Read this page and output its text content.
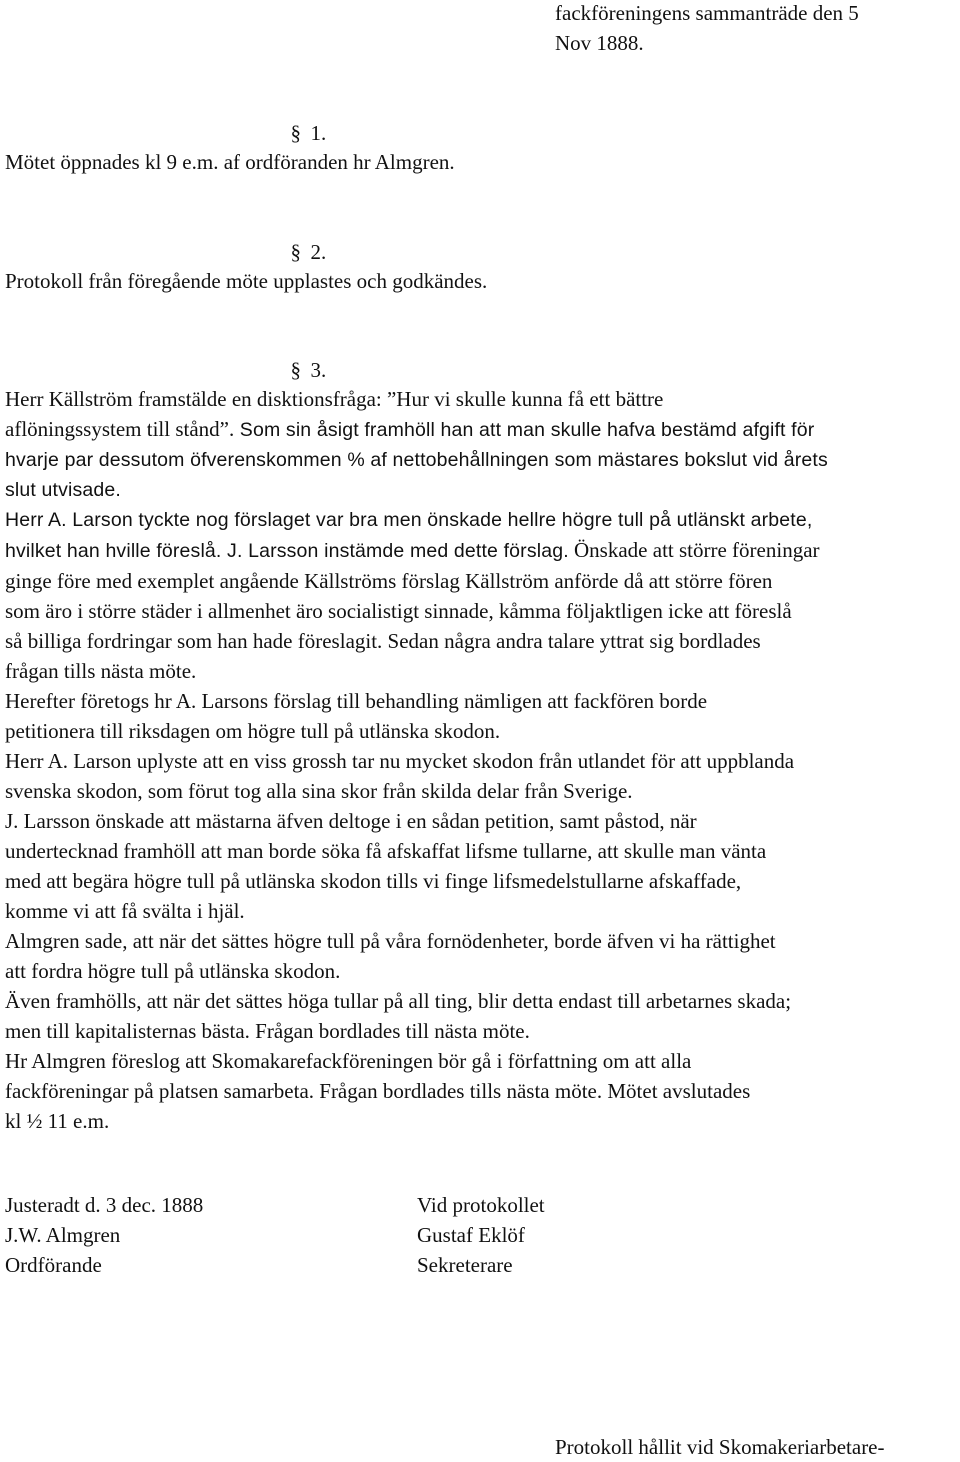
fackföreningens sammanträde den 5
Nov 1888.

§ 1.

Mötet öppnades kl 9 e.m. af ordföranden hr Almgren.

§ 2.

Protokoll från föregående möte upplastes och godkändes.

§ 3.

Herr Källström framstälde en disktionsfråga: ”Hur vi skulle kunna få ett bättre
aflöningssystem till stånd”. Som sin åsigt framhöll han att man skulle hafva bestämd afgift för
hvarje par dessutom öfverenskommen % af nettobehållningen som mästares bokslut vid årets
slut utvisade.
Herr A. Larson tyckte nog förslaget var bra men önskade hellre högre tull på utlänskt arbete,
hvilket han hville föreslå. J. Larsson instämde med dette förslag. Önskade att större föreningar
ginge före med exemplet angående Källströms förslag Källström anförde då att större fören
som äro i större städer i allmenhet äro socialistigt sinnade, kåmma följaktligen icke att föreslå
så billiga fordringar som han hade föreslagit. Sedan några andra talare yttrat sig bordlades
frågan tills nästa möte.
Herefter företogs hr A. Larsons förslag till behandling nämligen att fackfören borde
petitionera till riksdagen om högre tull på utlänska skodon.
Herr A. Larson uplyste att en viss grossh tar nu mycket skodon från utlandet för att uppblanda
svenska skodon, som förut tog alla sina skor från skilda delar från Sverige.
J. Larsson önskade att mästarna äfven deltoge i en sådan petition, samt påstod, när
undertecknad framhöll att man borde söka få afskaffat lifsme tullarne, att skulle man vänta
med att begära högre tull på utlänska skodon tills vi finge lifsmedelstullarne afskaffade,
komme vi att få svälta i hjäl.
Almgren sade, att när det sättes högre tull på våra fornödenheter, borde äfven vi ha rättighet
att fordra högre tull på utlänska skodon.
Även framhölls, att när det sättes höga tullar på all ting, blir detta endast till arbetarnes skada;
men till kapitalisternas bästa. Frågan bordlades till nästa möte.
Hr Almgren föreslog att Skomakarefackföreningen bör gå i författning om att alla
fackföreningar på platsen samarbeta. Frågan bordlades tills nästa möte. Mötet avslutades
kl ½ 11 e.m.
Justeradt d. 3 dec. 1888
J.W. Almgren
Ordförande
Vid protokollet
Gustaf Eklöf
Sekreterare
Protokoll hållit vid Skomakeriarbetare-
